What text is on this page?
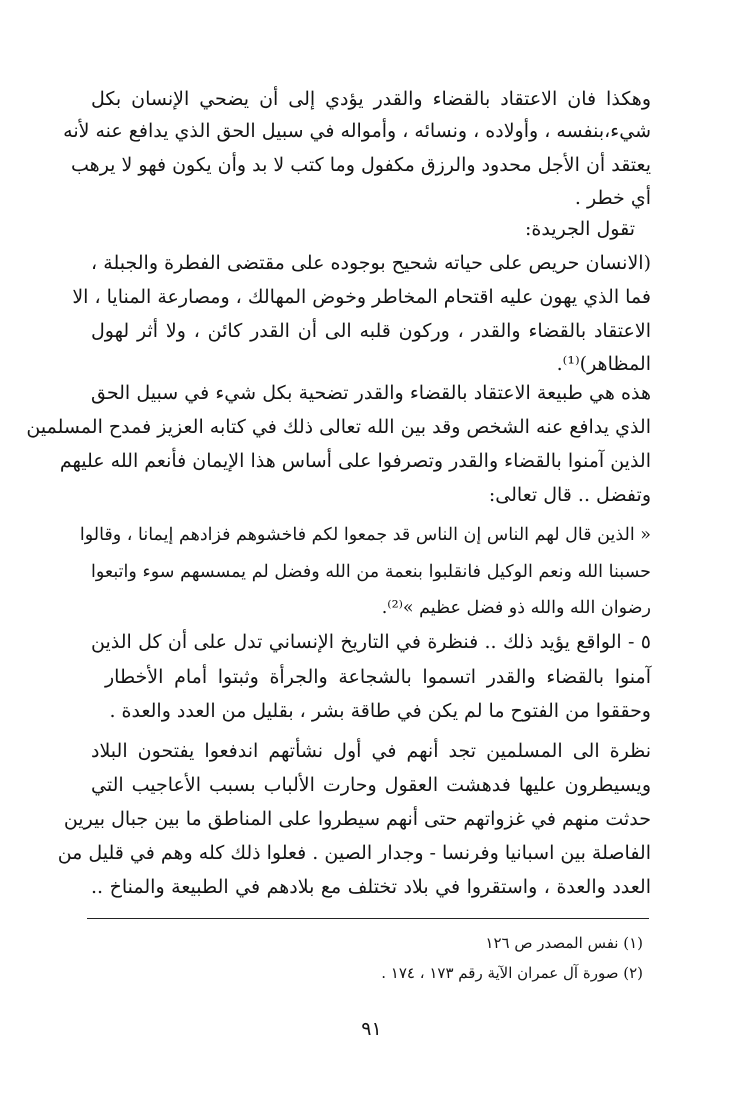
وهكذا فان الاعتقاد بالقضاء والقدر يؤدي إلى أن يضحي الإنسان بكل
شيء،بنفسه ، وأولاده ، ونسائه ، وأمواله في سبيل الحق الذي يدافع عنه لأنه
يعتقد أن الأجل محدود والرزق مكفول وما كتب لا بد وأن يكون فهو لا يرهب
أي خطر .
تقول الجريدة:
(الانسان حريص على حياته شحيح بوجوده على مقتضى الفطرة والجبلة ،
فما الذي يهون عليه اقتحام المخاطر وخوض المهالك ، ومصارعة المنايا ، الا
الاعتقاد بالقضاء والقدر ، وركون قلبه الى أن القدر كائن ، ولا أثر لهول
المظاهر)⁽¹⁾.
هذه هي طبيعة الاعتقاد بالقضاء والقدر تضحية بكل شيء في سبيل الحق
الذي يدافع عنه الشخص وقد بين الله تعالى ذلك في كتابه العزيز فمدح المسلمين
الذين آمنوا بالقضاء والقدر وتصرفوا على أساس هذا الإيمان فأنعم الله عليهم
وتفضل .. قال تعالى:
« الذين قال لهم الناس إن الناس قد جمعوا لكم فاخشوهم فزادهم إيمانا ، وقالوا
حسبنا الله ونعم الوكيل فانقلبوا بنعمة من الله وفضل لم يمسسهم سوء واتبعوا
رضوان الله والله ذو فضل عظيم »⁽²⁾.
٥ - الواقع يؤيد ذلك .. فنظرة في التاريخ الإنساني تدل على أن كل الذين
آمنوا بالقضاء والقدر اتسموا بالشجاعة والجرأة وثبتوا أمام الأخطار
وحققوا من الفتوح ما لم يكن في طاقة بشر ، بقليل من العدد والعدة .
نظرة الى المسلمين تجد أنهم في أول نشأتهم اندفعوا يفتحون البلاد
ويسيطرون عليها فدهشت العقول وحارت الألباب بسبب الأعاجيب التي
حدثت منهم في غزواتهم حتى أنهم سيطروا على المناطق ما بين جبال بيرين
الفاصلة بين اسبانيا وفرنسا - وجدار الصين . فعلوا ذلك كله وهم في قليل من
العدد والعدة ، واستقروا في بلاد تختلف مع بلادهم في الطبيعة والمناخ ..
(١) نفس المصدر ص ١٢٦
(٢) صورة آل عمران الآية رقم ١٧٣ ، ١٧٤ .
٩١
